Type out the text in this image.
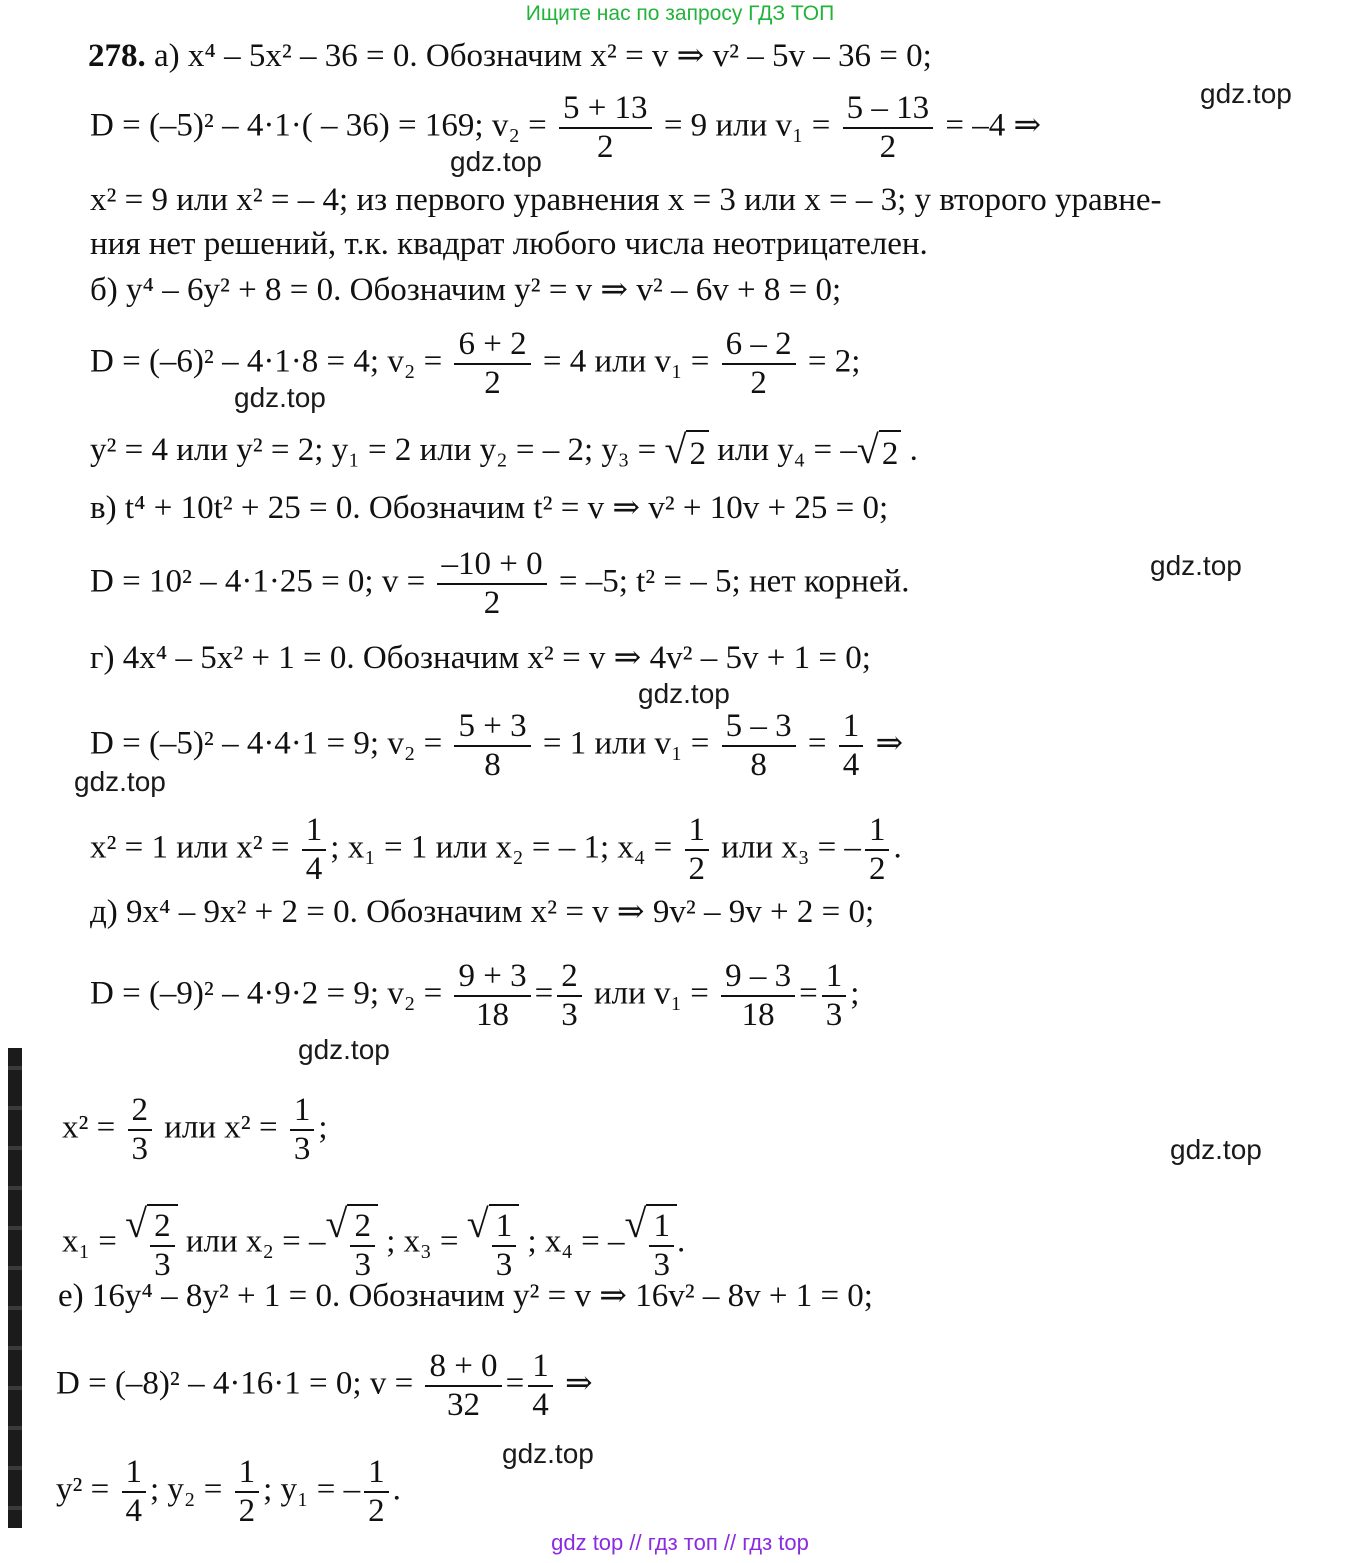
Ищите нас по запросу ГДЗ ТОП
gdz.top
gdz.top
gdz.top
gdz.top
gdz.top
gdz.top
gdz.top
gdz.top
gdz.top
278. а) x⁴ – 5x² – 36 = 0. Обозначим x² = v ⇒ v² – 5v – 36 = 0;
D = (–5)² – 4·1·( – 36) = 169; $v_2 = \frac{5 + 13}{2} = 9$ или $v_1 = \frac{5 - 13}{2} = -4$ ⇒
x² = 9 или x² = – 4; из первого уравнения x = 3 или x = – 3; у второго уравне-
ния нет решений, т.к. квадрат любого числа неотрицателен.
б) y⁴ – 6y² + 8 = 0. Обозначим y² = v ⇒ v² – 6v + 8 = 0;
D = (–6)² – 4·1·8 = 4; $v_2 = \frac{6 + 2}{2} = 4$ или $v_1 = \frac{6 - 2}{2} = 2$;
y² = 4 или y² = 2; y₁ = 2 или y₂ = – 2; y₃ = √ 2 или y₄ = – √ 2 .
в) t⁴ + 10t² + 25 = 0. Обозначим t² = v ⇒ v² + 10v + 25 = 0;
D = 10² – 4·1·25 = 0; $v = \frac{-10 + 0}{2} = -5$; t² = – 5; нет корней.
г) 4x⁴ – 5x² + 1 = 0. Обозначим x² = v ⇒ 4v² – 5v + 1 = 0;
D = (–5)² – 4·4·1 = 9; $v_2 = \frac{5 + 3}{8} = 1$ или $v_1 = \frac{5 - 3}{8} = \frac{1}{4}$ ⇒
x² = 1 или $x^2 = \frac{1}{4}$ ; x₁ = 1 или x₂ = – 1; $x_4 = \frac{1}{2}$ или x₃ = – $\frac{1}{2}$ .
д) 9x⁴ – 9x² + 2 = 0. Обозначим x² = v ⇒ 9v² – 9v + 2 = 0;
D = (–9)² – 4·9·2 = 9; $v_2 = \frac{9 + 3}{18} = \frac{2}{3}$ или $v_1 = \frac{9 - 3}{18} = \frac{1}{3}$ ;
$x^2 = \frac{2}{3}$ или $x^2 = \frac{1}{3}$ ;
x₁ = √ $\frac{2}{3}$ или x₂ = – √ $\frac{2}{3}$ ; x₃ = √ $\frac{1}{3}$ ; x₄ = – √ $\frac{1}{3}$ .
е) 16y⁴ – 8y² + 1 = 0. Обозначим y² = v ⇒ 16v² – 8v + 1 = 0;
D = (–8)² – 4·16·1 = 0; $v = \frac{8 + 0}{32} = \frac{1}{4}$ ⇒
$y^2 = \frac{1}{4}$ ; $y_2 = \frac{1}{2}$ ; y₁ = – $\frac{1}{2}$ .
gdz top // гдз топ // гдз top
